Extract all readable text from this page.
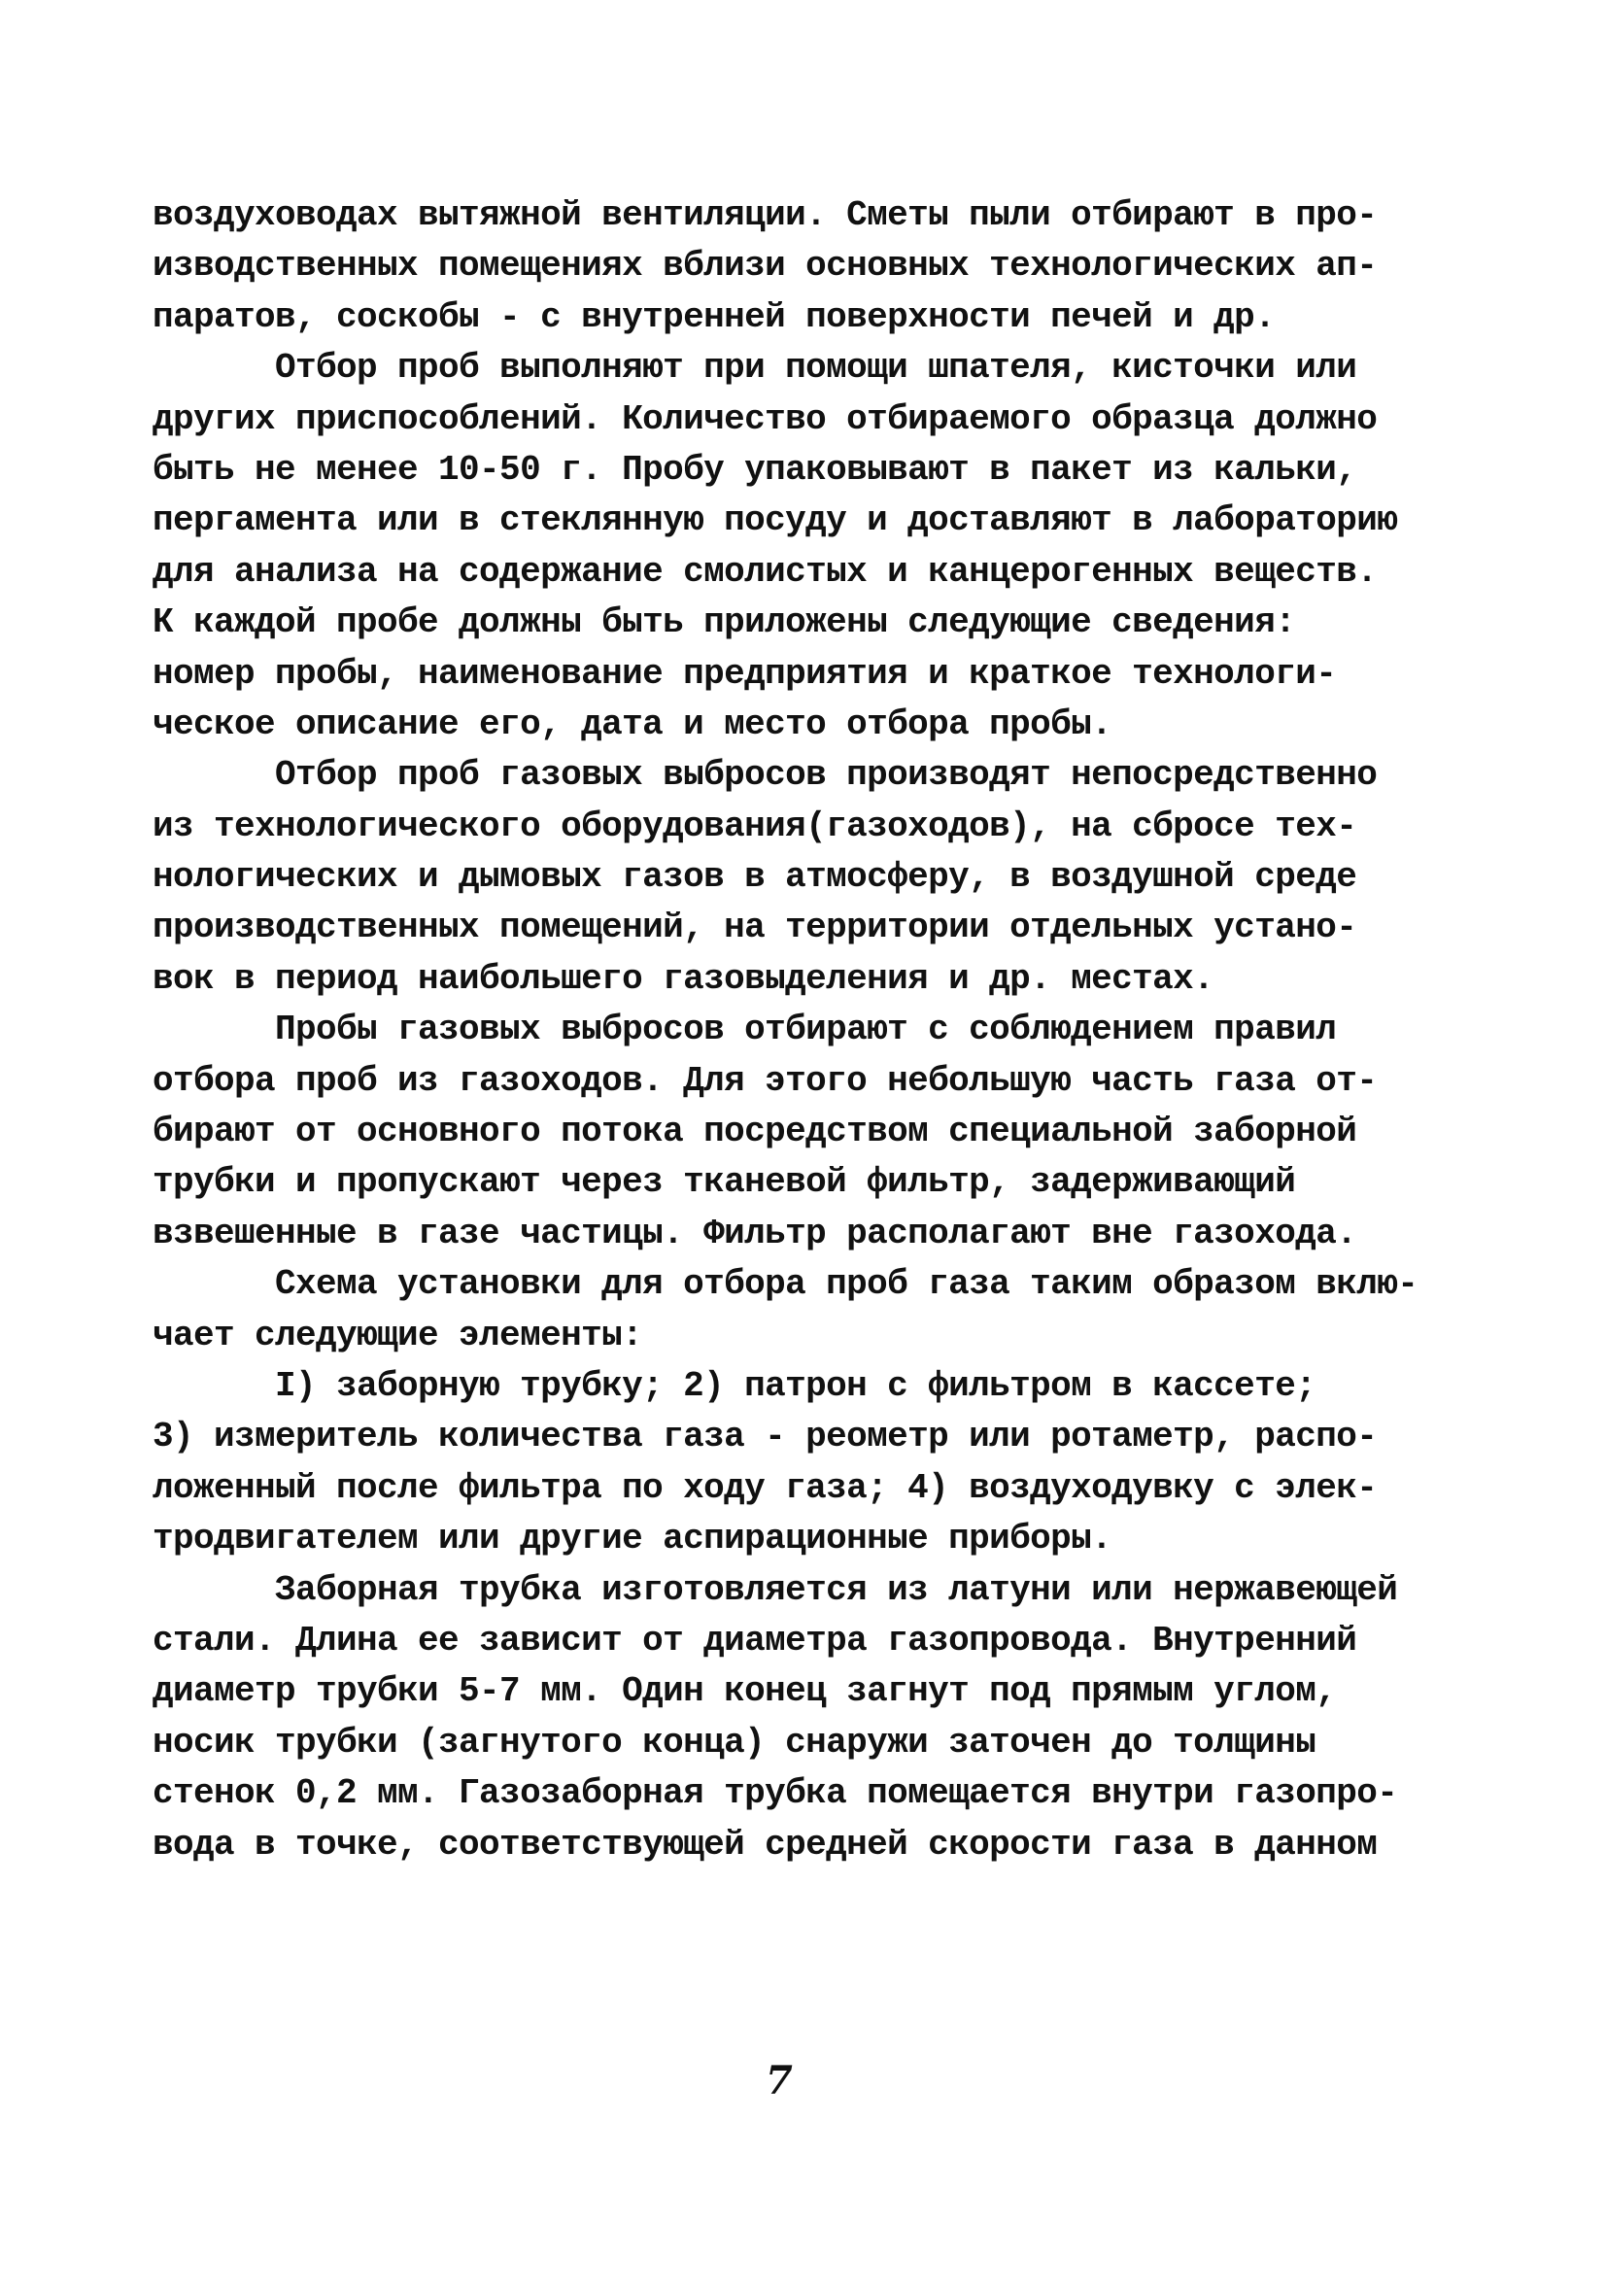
воздуховодах вытяжной вентиляции. Сметы пыли отбирают в про-
изводственных помещениях вблизи основных технологических ап-
паратов, соскобы - с внутренней поверхности печей и др.
Отбор проб выполняют при помощи шпателя, кисточки или
других приспособлений. Количество отбираемого образца должно
быть не менее 10-50 г. Пробу упаковывают в пакет из кальки,
пергамента или в стеклянную посуду и доставляют в лабораторию
для анализа на содержание смолистых и канцерогенных веществ.
К каждой пробе должны быть приложены следующие сведения:
номер пробы, наименование предприятия и краткое технологи-
ческое описание его, дата и место отбора пробы.
Отбор проб газовых выбросов производят непосредственно
из технологического оборудования(газоходов), на сбросе тех-
нологических и дымовых газов в атмосферу, в воздушной среде
производственных помещений, на территории отдельных устано-
вок в период наибольшего газовыделения и др. местах.
Пробы газовых выбросов отбирают с соблюдением правил
отбора проб из газоходов. Для этого небольшую часть газа от-
бирают от основного потока посредством специальной заборной
трубки и пропускают через тканевой фильтр, задерживающий
взвешенные в газе частицы. Фильтр располагают вне газохода.
Схема установки для отбора проб газа таким образом вклю-
чает следующие элементы:
I) заборную трубку; 2) патрон с фильтром в кассете;
3) измеритель количества газа - реометр или ротаметр, распо-
ложенный после фильтра по ходу газа; 4) воздуходувку с элек-
тродвигателем или другие аспирационные приборы.
Заборная трубка изготовляется из латуни или нержавеющей
стали. Длина ее зависит от диаметра газопровода. Внутренний
диаметр трубки 5-7 мм. Один конец загнут под прямым углом,
носик трубки (загнутого конца) снаружи заточен до толщины
стенок 0,2 мм. Газозаборная трубка помещается внутри газопро-
вода в точке, соответствующей средней скорости газа в данном
7
